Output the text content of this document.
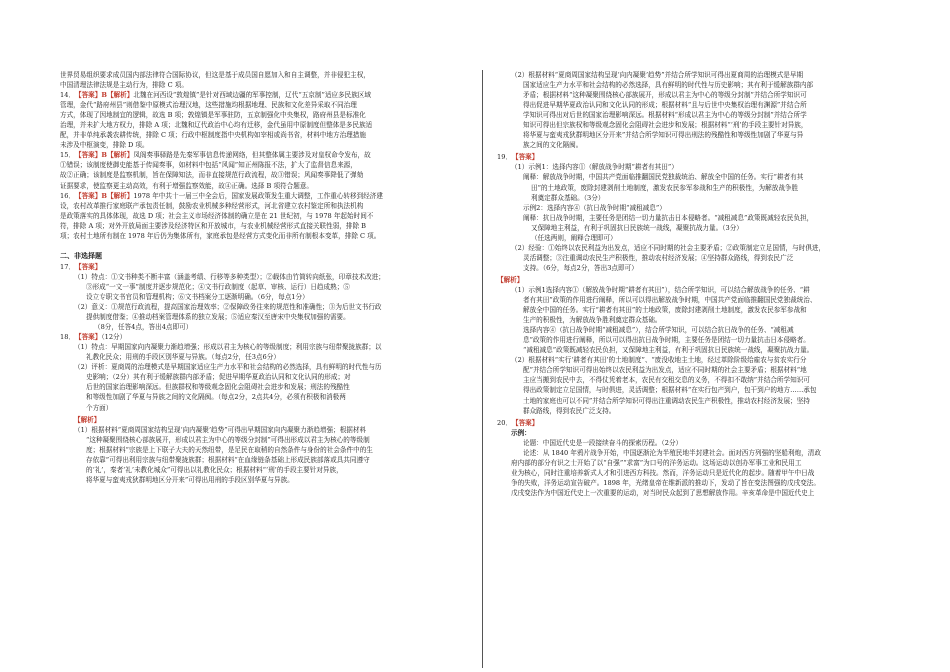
世界贸易组织要求成员国内部法律符合国际协议，但这是基于成员国自愿加入和自主调整，并非侵犯主权，

中国清理法律法规是主动行为，排除 C 项。

14．【答案】B【解析】北魏在河西设“敦煌镇”是针对西域边疆的军事控制，辽代“五京制”适应多民族区域

管理，金代“路府州县”则借鉴中原模式治理汉地，这些措施均根据地理、民族和文化差异采取不同治理

方式，体现了因地制宜的逻辑，故选 B 项；敦煌镇是军事驻防，五京制强化中央集权，路府州县是标准化

治理，并未扩大地方权力，排除 A 项；北魏和辽代政治中心均有迁移，金代虽用中原制度但整体是多民族适

配，并非单纯承袭农耕传统，排除 C 项；行政中枢制度指中央机构如宰相或尚书省，材料中地方治理措施

未涉及中枢演变，排除 D 项。

15．【答案】B【解析】凤阁奏事驿路是先秦军事信息传递网络，但其整体属主要涉及对皇权命令发布，故

①错误；该制度使御史能基于传闻奏事，如材料中包括“风闻”知正州陈报不法，扩大了监督信息来源，

故②正确；该制度是监察机制，旨在保障知法，而非直接规范行政流程，故③错误；风闻奏事降低了弹劾

证据要求，使监察更主动高效，有利于增强监察效能，故④正确。选择 B 项符合题意。

16．【答案】B【解析】1978 年中共十一届三中全会后，国家发展政策发生重大调整，工作重心转移到经济建

设，农村改革推行家庭联产承包责任制，鼓励农业机械多种经营形式，河北省建立农村鉴定所和执法机构

是政策落实的具体体现，故选 D 项；社会主义市场经济体制的确立是在 21 世纪初，与 1978 年起始时间不

符，排除 A 项；对外开放局面主要涉及经济特区和开放城市，与农业机械经营形式直接关联性弱，排除 B

项；农村土地所有制在 1978 年后仍为集体所有，家庭承包是经营方式变化而非所有制根本变革，排除 C 项。

二、非选择题

17．【答案】

（1）特点：①文书种类不断丰富（涵盖考绩、行移等多种类型）；②载体由竹简转向纸张，印章技术改进；

③形成“一文一事”制度并逐步规范化；④文书行政制度（起草、审核、运行）日趋成熟；⑤

设立专职文书官员和管理机构；⑥文书档案分工逐渐明确。（6分，每点1分）

（2）意义：①规范行政流程，提高国家治理效率；②保障政务往来的规范性和准确性；③为后世文书行政

提供制度借鉴；④推动档案管理体系的独立发展；⑤适应秦汉至唐宋中央集权加强的需要。

（8分，任答4点，答出4点即可）

18．【答案】（12分）

（1）特点：早期国家向内凝聚力渐趋增强；形成以君主为核心的等级制度；利用宗族与纽带聚拢族群；以

礼教化民众；用刑的手段区别华夏与异族。（每点2分，任3点6分）

（2）评析：夏商周的治理模式是早期国家适应生产力水平和社会结构的必然选择，具有鲜明的时代性与历

史影响；（2分）其有利于缓解族群内部矛盾；促进早期华夏政治认同和文化认同的形成；对

后世的国家治理影响深远。但族群权和等级观念固化会阻碍社会进步和发展；刑法的残酷性

和等级性加剧了华夏与异族之间的文化隔阂。（每点2分，2点共4分，必须有积极和消极两

个方面）

【解析】

（1）根据材料“夏商周国家结构呈现‘向内凝聚’趋势”可得出早期国家向内凝聚力渐趋增强；根据材料

“这种凝聚围绕核心部族展开，形成以君主为中心的等级分封制”可得出形成以君主为核心的等级制

度；根据材料“宗族是上下联子大夫的天然纽带，是足民在取稍的自然条件与身份的社会条件中的生

存依靠”可得出利用宗族与纽带聚拢族群；根据材料“在血缘链条基础上形成民族部落或具共同遵守

的‘礼’，秦者‘礼’未教化城众”可得出以礼教化民众；根据材料“‘刑’的手段主要针对异族，

将华夏与蛮夷戎狄群明地区分开来”可得出用刑的手段区别华夏与异族。

（2）根据材料“夏商周国家结构呈现‘向内凝聚’趋势”并结合所学知识可得出夏商周的治理模式是早期

国家适应生产力水平和社会结构的必然选择，具有鲜明的时代性与历史影响；其有利于缓解族群内部

矛盾；根据材料“这种凝聚围绕核心部族展开，形成以君主为中心的等级分封制”并结合所学知识可

得出促进早期华夏政治认同和文化认同的形成；根据材料“且与后世中央集权治理有渊源”并结合所

学知识可得出对后世的国家治理影响深远。根据材料“形成以君主为中心的等级分封制”并结合所学

知识可得出但宗族权和等级观念固化会阻碍社会进步和发展；根据材料“‘刑’的手段主要针对异族，

将华夏与蛮夷戎狄群明地区分开来”并结合所学知识可得出刑法的残酷性和等级性加剧了华夏与异

族之间的文化隔阂。

19．【答案】

（1）示例1：选择内容①（解放战争时期“耕者有其田”）

阐释：解放战争时期，中国共产党面临推翻国民党独裁统治、解放全中国的任务。实行“耕者有其

田”的土地政策，废除封建剥削土地制度，激发农民参军参战和生产的积极性，为解放战争胜

利奠定群众基础。（3分）

示例2：选择内容④（抗日战争时期“减租减息”）

阐释：抗日战争时期，主要任务是团结一切力量抗击日本侵略者。“减租减息”政策既减轻农民负担，

又保障地主利益，有利于巩固抗日民族统一战线，凝聚抗战力量。（3分）

（任选两则，阐释合理即可）

（2）经验：①始终以农民利益为出发点，适应不同时期的社会主要矛盾；②政策制定立足国情，与时俱进，

灵活调整；③注重调动农民生产积极性，推动农村经济发展；④坚持群众路线，得到农民广泛

支持。（6分，每点2分，答出3点即可）

【解析】

（1）示例1选择内容①（解放战争时期“耕者有其田”），结合所学知识，可以结合解放战争的任务、“耕

者有其田”政策的作用进行阐释，所以可以得出解放战争时期，中国共产党面临推翻国民党独裁统治、

解放全中国的任务。实行“耕者有其田”的土地政策，废除封建剥削土地制度，激发农民参军参战和

生产的积极性，为解放战争胜利奠定群众基础。

选择内容④（抗日战争时期“减租减息”），结合所学知识，可以结合抗日战争的任务、“减租减

息”政策的作用进行阐释，所以可以得出抗日战争时期，主要任务是团结一切力量抗击日本侵略者。

“减租减息”政策既减轻农民负担，又保障地主利益，有利于巩固抗日民族统一战线，凝聚抗战力量。

（2）根据材料“实行‘耕者有其田’的土地制度”、“废没收地主土地，经过革除阶级给雇农与贫农实行分

配”并结合所学知识可得出始终以农民利益为出发点，适应不同时期的社会主要矛盾；根据材料“地

主应当搬到农民中去，不得仗凭着老本，农民有交租交息的义务，不得扣不敢纳”并结合所学知识可

得出政策制定立足国情，与时俱进，灵活调整；根据材料“在实行包产到户，包干到户的地方……承包

土地的家庭也可以不同”并结合所学知识可得出注重调动农民生产积极性，推动农村经济发展；坚持

群众路线，得到农民广泛支持。

20．【答案】

示例：

论题：中国近代史是一段接续奋斗的探索历程。（2分）

论述：从 1840 年鸦片战争开始，中国逐渐沦为半殖民地半封建社会。面对西方列强的坚船利炮，清政

府内部的部分有识之士开始了以“自强”“求富”为口号的洋务运动。这场运动以创办军事工业和民用工

业为核心，同时注重培养新式人才和引进西方科技。然而，洋务运动只是近代化的起步。随着甲午中日战

争的失败，洋务运动宣告破产。1898 年，光绪皇帝在维新派的推动下，发动了旨在变法图强的戊戌变法。

戊戌变法作为中国近代史上一次重要的运动，对当时民众起到了思想解放作用。辛亥革命是中国近代史上
